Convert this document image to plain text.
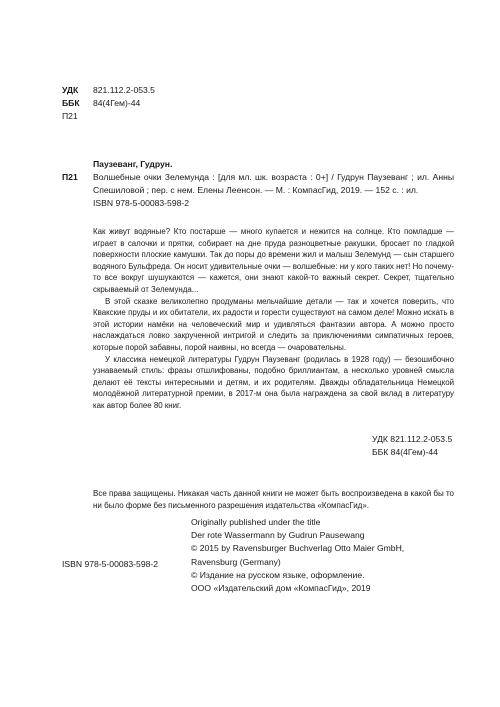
УДК	821.112.2-053.5
ББК	84(4Гем)-44
П21
Паузеванг, Гудрун.
П21	Волшебные очки Зелемунда : [для мл. шк. возраста : 0+] / Гудрун Паузеванг ; ил. Анны Спешиловой ; пер. с нем. Елены Леенсон. — М. : КомпасГид, 2019. — 152 с. : ил.
ISBN 978-5-00083-598-2

Как живут водяные? Кто постарше — много купается и нежится на солнце. Кто помладше — играет в салочки и прятки, собирает на дне пруда разноцветные ракушки, бросает по гладкой поверхности плоские камушки. Так до поры до времени жил и малыш Зелемунд — сын старшего водяного Бульфреда. Он носит удивительные очки — волшебные: ни у кого таких нет! Но почему-то все вокруг шушукаются — кажется, они знают какой-то важный секрет. Секрет, тщательно скрываемый от Зелемунда...

В этой сказке великолепно продуманы мельчайшие детали — так и хочется поверить, что Квакские пруды и их обитатели, их радости и горести существуют на самом деле! Можно искать в этой истории намёки на человеческий мир и удивляться фантазии автора. А можно просто наслаждаться ловко закрученной интригой и следить за приключениями симпатичных героев, которые порой забавны, порой наивны, но всегда — очаровательны.

У классика немецкой литературы Гудрун Паузеванг (родилась в 1928 году) — безошибочно узнаваемый стиль: фразы отшлифованы, подобно бриллиантам, а несколько уровней смысла делают её тексты интересными и детям, и их родителям. Дважды обладательница Немецкой молодёжной литературной премии, в 2017-м она была награждена за свой вклад в литературу как автор более 80 книг.

УДК 821.112.2-053.5
ББК 84(4Гем)-44
Все права защищены. Никакая часть данной книги не может быть воспроизведена в какой бы то ни было форме без письменного разрешения издательства «КомпасГид».
Originally published under the title
Der rote Wassermann by Gudrun Pausewang
© 2015 by Ravensburger Buchverlag Otto Maier GmbH,
Ravensburg (Germany)
© Издание на русском языке, оформление.
ООО «Издательский дом «КомпасГид», 2019
ISBN 978-5-00083-598-2
